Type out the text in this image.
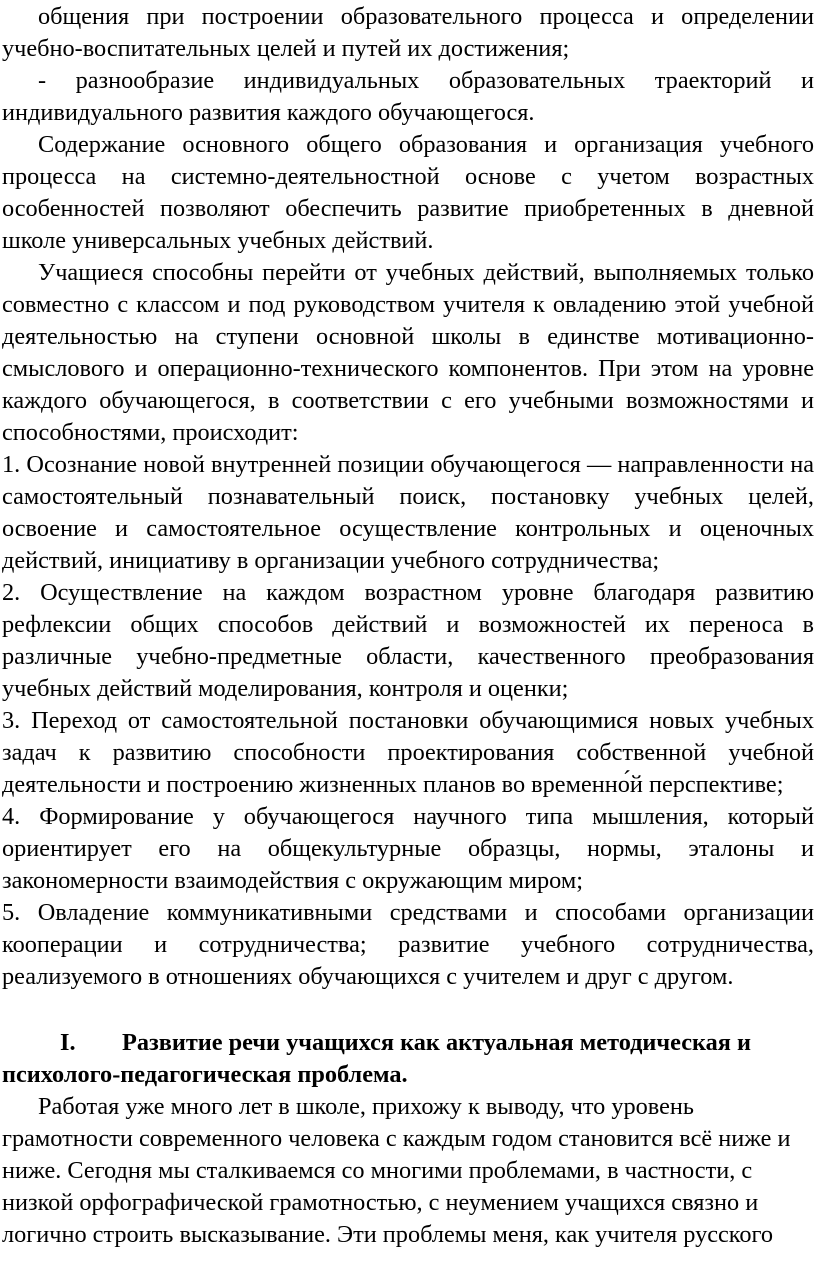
общения при построении образовательного процесса и определении учебно-воспитательных целей и путей их достижения;

- разнообразие индивидуальных образовательных траекторий и индивидуального развития каждого обучающегося.

Содержание основного общего образования и организация учебного процесса на системно-деятельностной основе с учетом возрастных особенностей позволяют обеспечить развитие приобретенных в дневной школе универсальных учебных действий.

Учащиеся способны перейти от учебных действий, выполняемых только совместно с классом и под руководством учителя к овладению этой учебной деятельностью на ступени основной школы в единстве мотивационно-смыслового и операционно-технического компонентов. При этом на уровне каждого обучающегося, в соответствии с его учебными возможностями и способностями, происходит:

1. Осознание новой внутренней позиции обучающегося — направленности на самостоятельный познавательный поиск, постановку учебных целей, освоение и самостоятельное осуществление контрольных и оценочных действий, инициативу в организации учебного сотрудничества;

2. Осуществление на каждом возрастном уровне благодаря развитию рефлексии общих способов действий и возможностей их переноса в различные учебно-предметные области, качественного преобразования учебных действий моделирования, контроля и оценки;

3. Переход от самостоятельной постановки обучающимися новых учебных задач к развитию способности проектирования собственной учебной деятельности и построению жизненных планов во временно́й перспективе;

4. Формирование у обучающегося научного типа мышления, который ориентирует его на общекультурные образцы, нормы, эталоны и закономерности взаимодействия с окружающим миром;

5. Овладение коммуникативными средствами и способами организации кооперации и сотрудничества; развитие учебного сотрудничества, реализуемого в отношениях обучающихся с учителем и друг с другом.

I. Развитие речи учащихся как актуальная методическая и психолого-педагогическая проблема.

Работая уже много лет в школе, прихожу к выводу, что уровень грамотности современного человека с каждым годом становится всё ниже и ниже. Сегодня мы сталкиваемся со многими проблемами, в частности, с низкой орфографической грамотностью, с неумением учащихся связно и логично строить высказывание. Эти проблемы меня, как учителя русского
